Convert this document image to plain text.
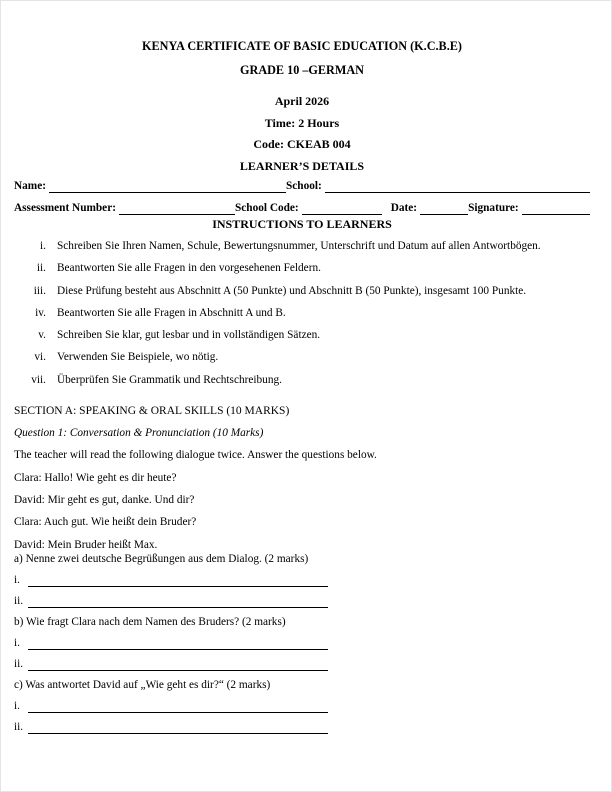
KENYA CERTIFICATE OF BASIC EDUCATION (K.C.B.E)
GRADE 10 –GERMAN
April 2026
Time: 2 Hours
Code: CKEAB 004
LEARNER’S DETAILS
Name:	School:
Assessment Number:	School Code:	Date:	Signature:
INSTRUCTIONS TO LEARNERS
i. Schreiben Sie Ihren Namen, Schule, Bewertungsnummer, Unterschrift und Datum auf allen Antwortbögen.
ii. Beantworten Sie alle Fragen in den vorgesehenen Feldern.
iii. Diese Prüfung besteht aus Abschnitt A (50 Punkte) und Abschnitt B (50 Punkte), insgesamt 100 Punkte.
iv. Beantworten Sie alle Fragen in Abschnitt A und B.
v. Schreiben Sie klar, gut lesbar und in vollständigen Sätzen.
vi. Verwenden Sie Beispiele, wo nötig.
vii. Überprüfen Sie Grammatik und Rechtschreibung.
SECTION A: SPEAKING & ORAL SKILLS (10 MARKS)
Question 1: Conversation & Pronunciation (10 Marks)
The teacher will read the following dialogue twice. Answer the questions below.
Clara: Hallo! Wie geht es dir heute?
David: Mir geht es gut, danke. Und dir?
Clara: Auch gut. Wie heißt dein Bruder?
David: Mein Bruder heißt Max.
a) Nenne zwei deutsche Begrüßungen aus dem Dialog. (2 marks)
i.
ii.
b) Wie fragt Clara nach dem Namen des Bruders? (2 marks)
i.
ii.
c) Was antwortet David auf „Wie geht es dir?“ (2 marks)
i.
ii.
